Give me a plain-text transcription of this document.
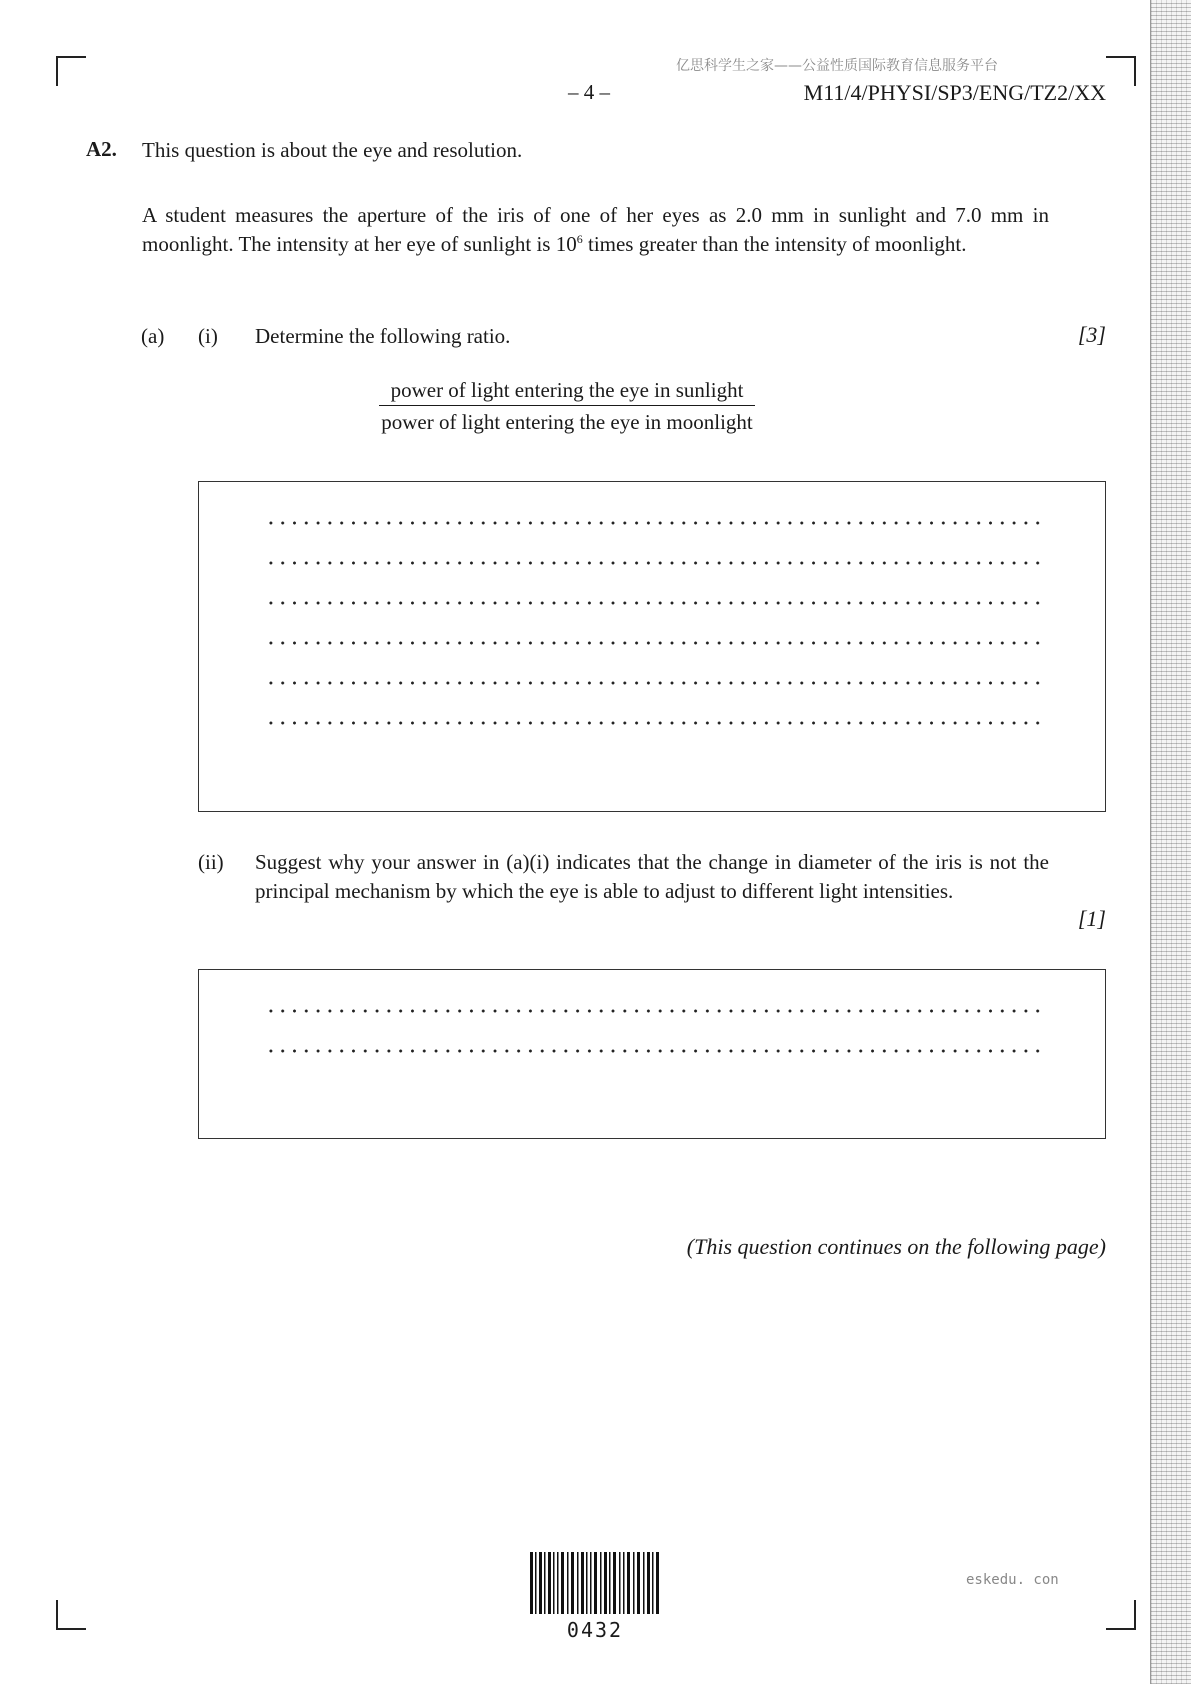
亿思科学生之家——公益性质国际教育信息服务平台
– 4 –	M11/4/PHYSI/SP3/ENG/TZ2/XX
A2. This question is about the eye and resolution.
A student measures the aperture of the iris of one of her eyes as 2.0 mm in sunlight and 7.0 mm in moonlight. The intensity at her eye of sunlight is $10^6$ times greater than the intensity of moonlight.
(a) (i) Determine the following ratio.	[3]
power of light entering the eye in sunlight
power of light entering the eye in moonlight
(ii) Suggest why your answer in (a)(i) indicates that the change in diameter of the iris is not the principal mechanism by which the eye is able to adjust to different light intensities.
[1]
(This question continues on the following page)
eskedu. con
0432
